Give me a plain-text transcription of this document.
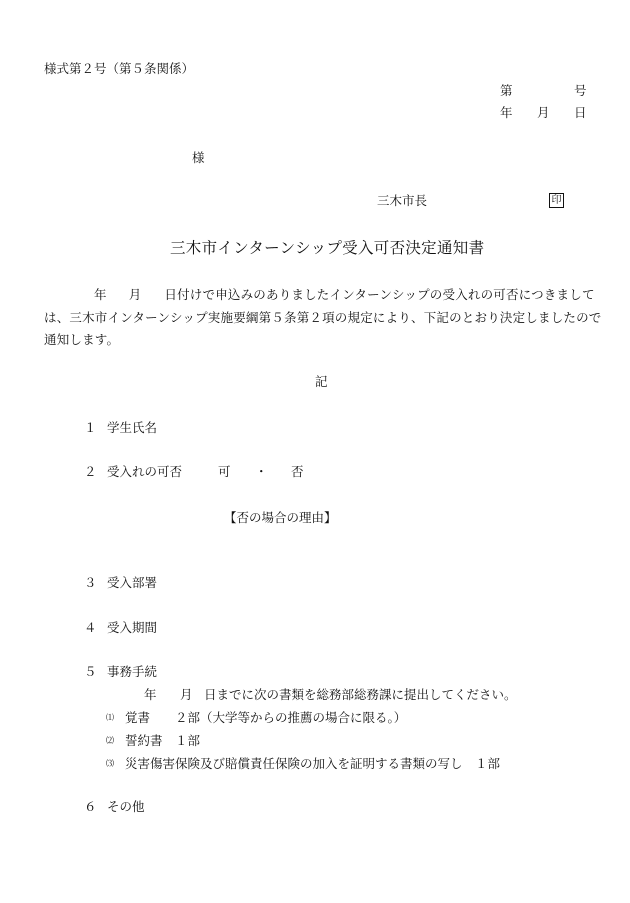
様式第２号（第５条関係）
第	号
年 月 日
様
三木市長	印
三木市インターンシップ受入可否決定通知書
年 月 日付けで申込みのありましたインターンシップの受入れの可否につきまして
は、三木市インターンシップ実施要綱第５条第２項の規定により、下記のとおり決定しましたので
通知します。
記
１ 学生氏名
２ 受入れの可否	可 ・ 否
【否の場合の理由】
３ 受入部署
４ 受入期間
５ 事務手続
年 月 日までに次の書類を総務部総務課に提出してください。
⑴ 覚書　　２部（大学等からの推薦の場合に限る。）
⑵ 誓約書　１部
⑶ 災害傷害保険及び賠償責任保険の加入を証明する書類の写し　１部
６ その他
